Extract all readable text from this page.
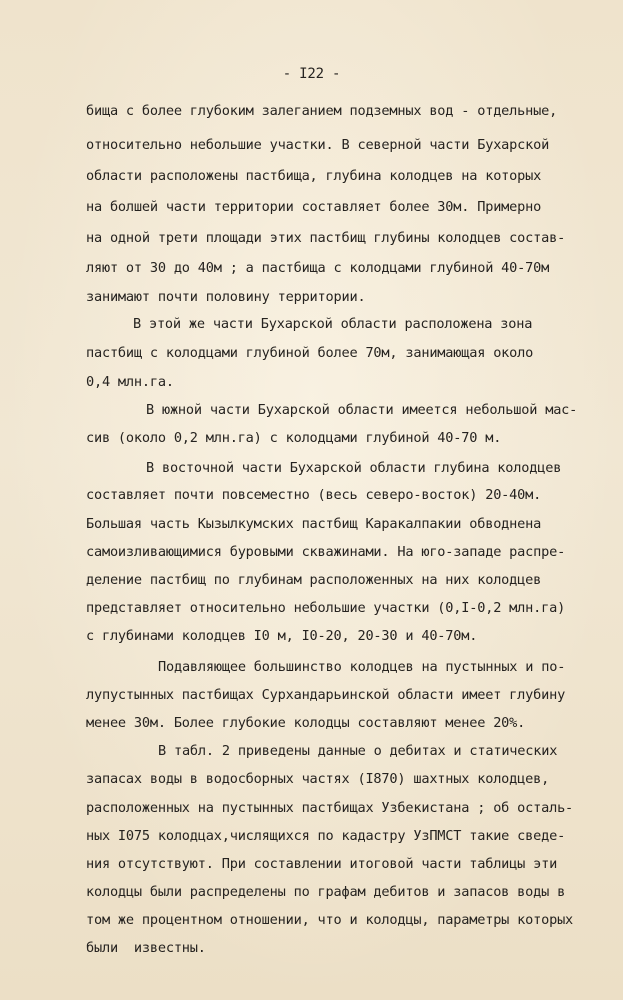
- I22 -

бища с более глубоким залеганием подземных вод - отдельные,

относительно небольшие участки. В северной части Бухарской

области расположены пастбища, глубина колодцев на которых

на болшей части территории составляет более 30м. Примерно

на одной трети площади этих пастбищ глубины колодцев состав-

ляют от 30 до 40м ; а пастбища с колодцами глубиной 40-70м

занимают почти половину территории.

В этой же части Бухарской области расположена зона

пастбищ с колодцами глубиной более 70м, занимающая около

0,4 млн.га.

В южной части Бухарской области имеется небольшой мас-

сив (около 0,2 млн.га) с колодцами глубиной 40-70 м.

В восточной части Бухарской области глубина колодцев

составляет почти повсеместно (весь северо-восток) 20-40м.

Большая часть Кызылкумских пастбищ Каракалпакии обводнена

самоизливающимися буровыми скважинами. На юго-западе распре-

деление пастбищ по глубинам расположенных на них колодцев

представляет относительно небольшие участки (0,I-0,2 млн.га)

с глубинами колодцев I0 м, I0-20, 20-30 и 40-70м.

Подавляющее большинство колодцев на пустынных и по-

лупустынных пастбищах Сурхандарьинской области имеет глубину

менее 30м. Более глубокие колодцы составляют менее 20%.

В табл. 2 приведены данные о дебитах и статических

запасах воды в водосборных частях (I870) шахтных колодцев,

расположенных на пустынных пастбищах Узбекистана ; об осталь-

ных I075 колодцах,числящихся по кадастру УзПМСТ такие сведе-

ния отсутствуют. При составлении итоговой части таблицы эти

колодцы были распределены по графам дебитов и запасов воды в

том же процентном отношении, что и колодцы, параметры которых

были  известны.
